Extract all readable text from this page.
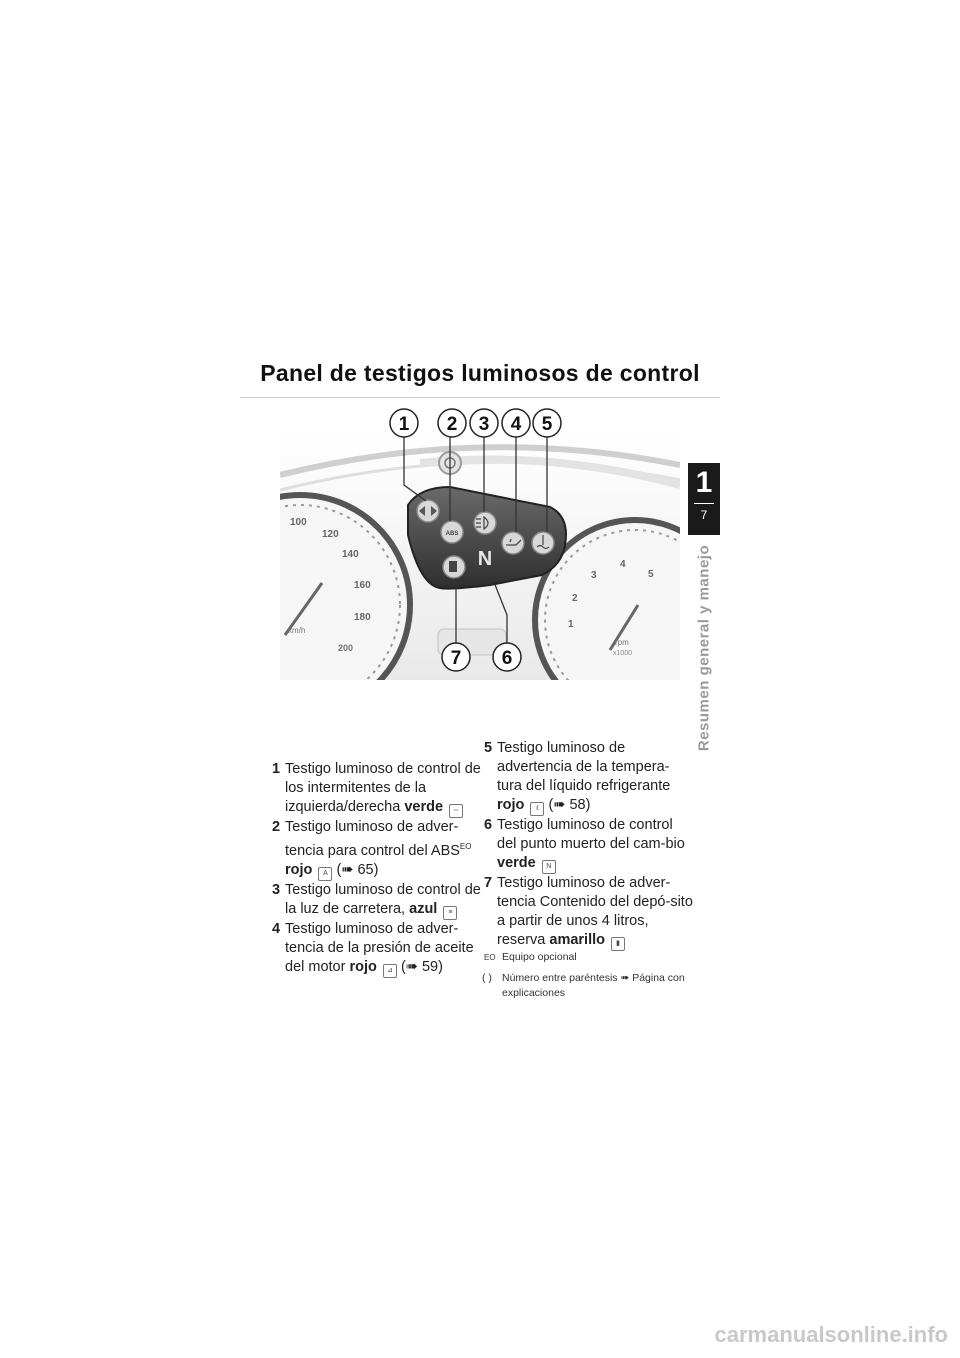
Panel de testigos luminosos de control
1
7
Resumen general y manejo
100
120
140
160
180
200
km/h
1
2
3
4
5
rpm
x1000
ABS
N
1 2 3 4 5
7 6
1 Testigo luminoso de control de los intermitentes de la izquierda/derecha verde ⇔
2 Testigo luminoso de adver-tencia para control del $ABS^{EO}$ rojo A (➠ 65)
3 Testigo luminoso de control de la luz de carretera, azul ≡
4 Testigo luminoso de adver-tencia de la presión de aceite del motor rojo ⊿ (➠ 59)
5 Testigo luminoso de advertencia de la tempera-tura del líquido refrigerante rojo ℓ (➠ 58)
6 Testigo luminoso de control del punto muerto del cam-bio verde N
7 Testigo luminoso de adver-tencia Contenido del depó-sito a partir de unos 4 litros, reserva amarillo ▮
EO Equipo opcional
( ) Número entre paréntesis ➠ Página con explicaciones
carmanualsonline.info
